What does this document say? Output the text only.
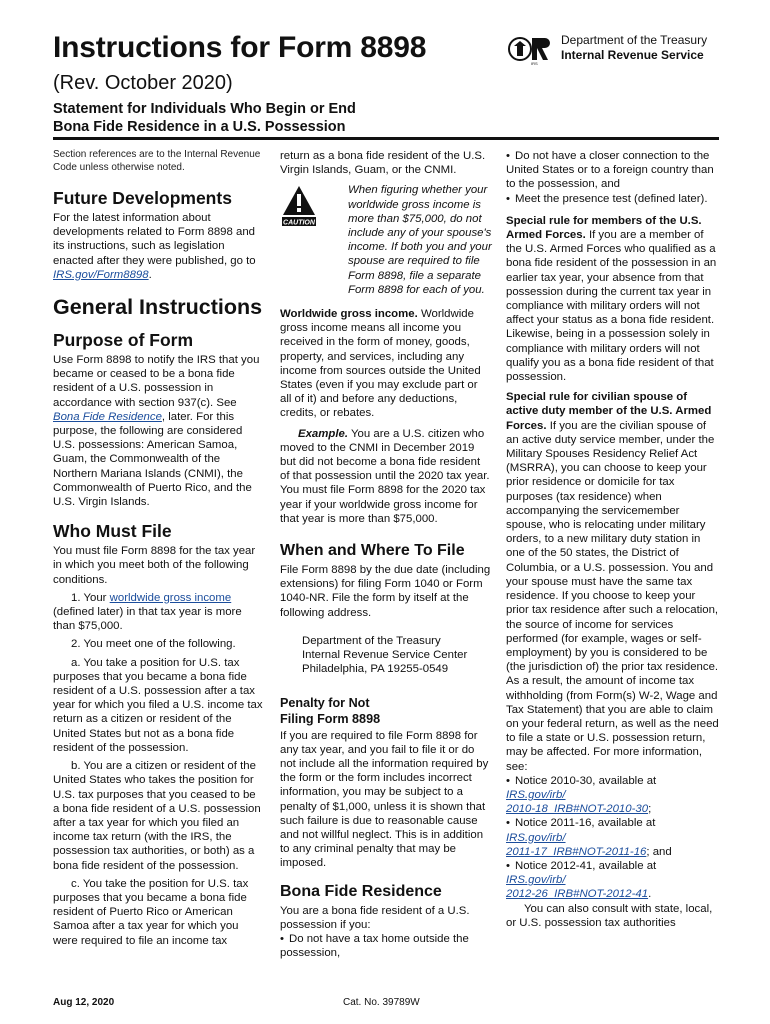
Instructions for Form 8898
(Rev. October 2020)
Statement for Individuals Who Begin or End
Bona Fide Residence in a U.S. Possession
IRS
Department of the Treasury
Internal Revenue Service

Section references are to the Internal Revenue Code unless otherwise noted.

Future Developments

For the latest information about developments related to Form 8898 and its instructions, such as legislation enacted after they were published, go to IRS.gov/Form8898.

General Instructions

Purpose of Form

Use Form 8898 to notify the IRS that you became or ceased to be a bona fide resident of a U.S. possession in accordance with section 937(c). See Bona Fide Residence, later. For this purpose, the following are considered U.S. possessions: American Samoa, Guam, the Commonwealth of the Northern Mariana Islands (CNMI), the Commonwealth of Puerto Rico, and the U.S. Virgin Islands.

Who Must File

You must file Form 8898 for the tax year in which you meet both of the following conditions.

1. Your worldwide gross income (defined later) in that tax year is more than $75,000.

2. You meet one of the following.

a. You take a position for U.S. tax purposes that you became a bona fide resident of a U.S. possession after a tax year for which you filed a U.S. income tax return as a citizen or resident of the United States but not as a bona fide resident of the possession.

b. You are a citizen or resident of the United States who takes the position for U.S. tax purposes that you ceased to be a bona fide resident of a U.S. possession after a tax year for which you filed an income tax return (with the IRS, the possession tax authorities, or both) as a bona fide resident of the possession.

c. You take the position for U.S. tax purposes that you became a bona fide resident of Puerto Rico or American Samoa after a tax year for which you were required to file an income tax

return as a bona fide resident of the U.S. Virgin Islands, Guam, or the CNMI.

CAUTION

When figuring whether your worldwide gross income is more than $75,000, do not include any of your spouse's income. If both you and your spouse are required to file Form 8898, file a separate Form 8898 for each of you.

Worldwide gross income. Worldwide gross income means all income you received in the form of money, goods, property, and services, including any income from sources outside the United States (even if you may exclude part or all of it) and before any deductions, credits, or rebates.

Example. You are a U.S. citizen who moved to the CNMI in December 2019 but did not become a bona fide resident of that possession until the 2020 tax year. You must file Form 8898 for the 2020 tax year if your worldwide gross income for that year is more than $75,000.

When and Where To File

File Form 8898 by the due date (including extensions) for filing Form 1040 or Form 1040-NR. File the form by itself at the following address.

Department of the Treasury

Internal Revenue Service Center

Philadelphia, PA 19255-0549

Penalty for Not
Filing Form 8898

If you are required to file Form 8898 for any tax year, and you fail to file it or do not include all the information required by the form or the form includes incorrect information, you may be subject to a penalty of $1,000, unless it is shown that such failure is due to reasonable cause and not willful neglect. This is in addition to any criminal penalty that may be imposed.

Bona Fide Residence

You are a bona fide resident of a U.S. possession if you:

• Do not have a tax home outside the possession,

• Do not have a closer connection to the United States or to a foreign country than to the possession, and

• Meet the presence test (defined later).

Special rule for members of the U.S. Armed Forces. If you are a member of the U.S. Armed Forces who qualified as a bona fide resident of the possession in an earlier tax year, your absence from that possession during the current tax year in compliance with military orders will not affect your status as a bona fide resident. Likewise, being in a possession solely in compliance with military orders will not qualify you as a bona fide resident of that possession.

Special rule for civilian spouse of active duty member of the U.S. Armed Forces. If you are the civilian spouse of an active duty service member, under the Military Spouses Residency Relief Act (MSRRA), you can choose to keep your prior residence or domicile for tax purposes (tax residence) when accompanying the servicemember spouse, who is relocating under military orders, to a new military duty station in one of the 50 states, the District of Columbia, or a U.S. possession. You and your spouse must have the same tax residence. If you choose to keep your prior tax residence after such a relocation, the source of income for services performed (for example, wages or self-employment) by you is considered to be (the jurisdiction of) the prior tax residence. As a result, the amount of income tax withholding (from Form(s) W-2, Wage and Tax Statement) that you are able to claim on your federal return, as well as the need to file a state or U.S. possession return, may be affected. For more information, see:

• Notice 2010-30, available at
IRS.gov/irb/
2010-18_IRB#NOT-2010-30;

• Notice 2011-16, available at
IRS.gov/irb/
2011-17_IRB#NOT-2011-16; and

• Notice 2012-41, available at
IRS.gov/irb/
2012-26_IRB#NOT-2012-41.

You can also consult with state, local, or U.S. possession tax authorities

Aug 12, 2020	Cat. No. 39789W
